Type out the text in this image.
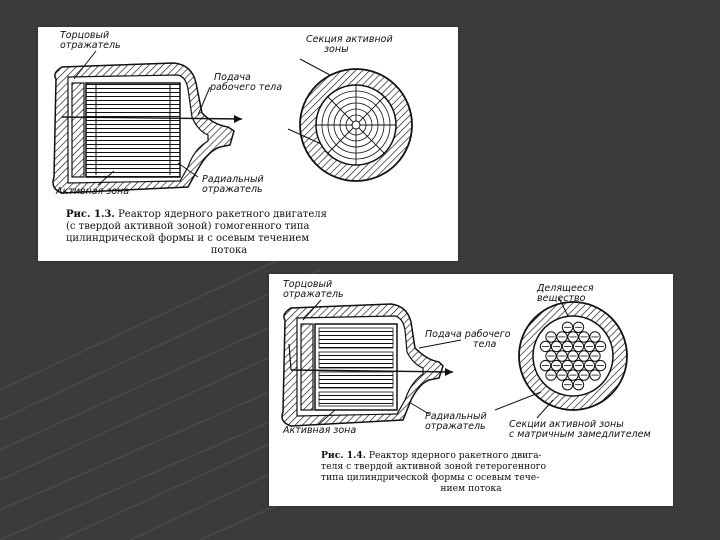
Торцовый
отражатель
Секция активной
зоны
Подача
рабочего тела
Радиальный
отражатель
Активная зона
Рис. 1.3. Реактор ядерного ракетного двигателя
(с твердой активной зоной) гомогенного типа
цилиндрической формы и с осевым течением
потока
Торцовый
отражатель
Делящееся
вещество
Подача рабочего
тела
Радиальный
отражатель Секции активной зоны
с матричным замедлителем
Активная зона
Рис. 1.4. Реактор ядерного ракетного двига-
теля с твердой активной зоной гетерогенного
типа цилиндрической формы с осевым тече-
нием потока
